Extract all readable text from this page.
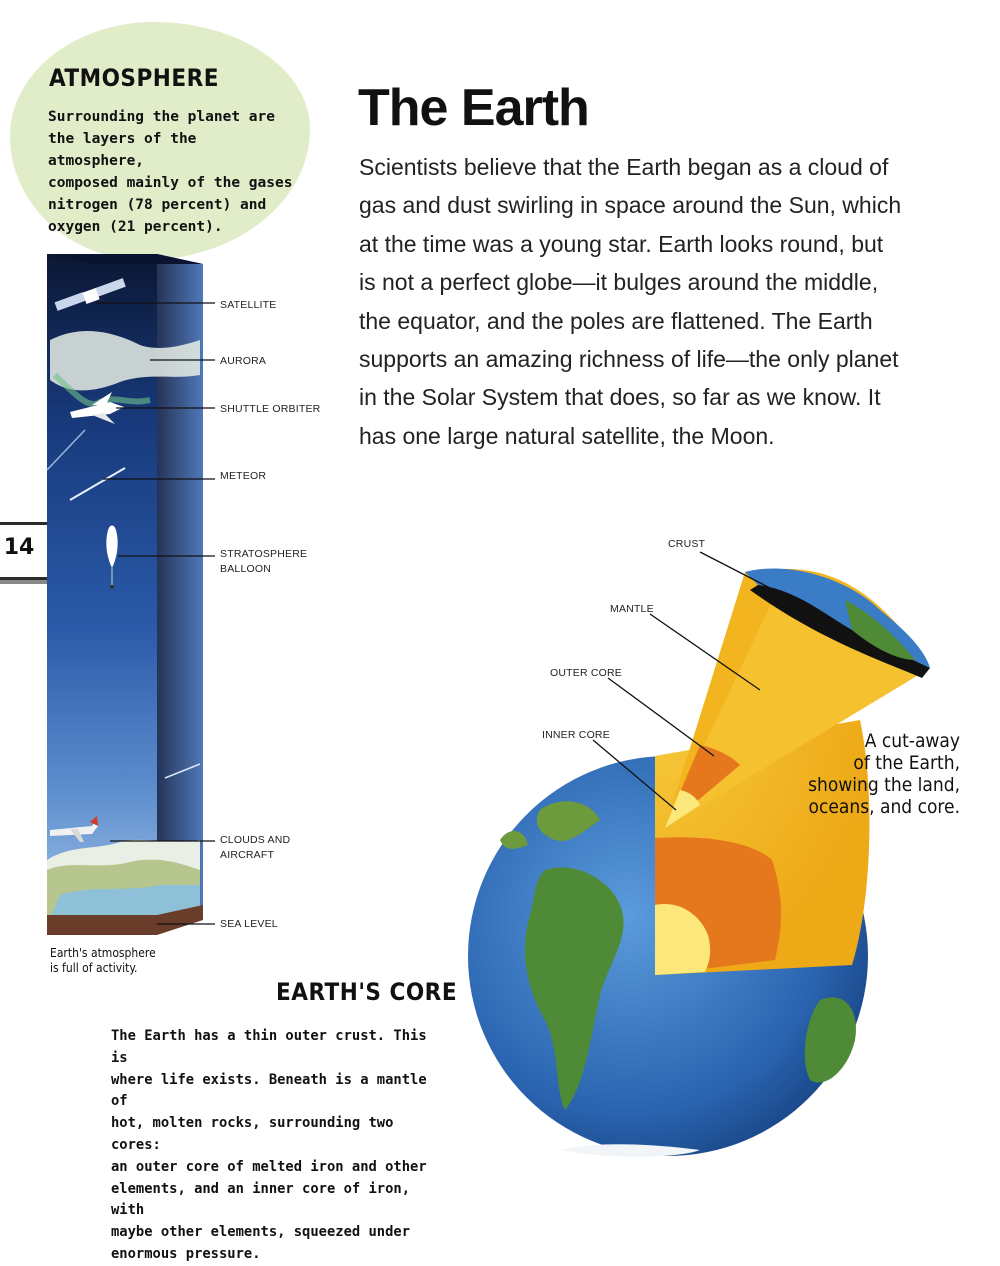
ATMOSPHERE
Surrounding the planet are
the layers of the atmosphere,
composed mainly of the gases
nitrogen (78 percent) and
oxygen (21 percent).
The Earth
Scientists believe that the Earth began as a cloud of
gas and dust swirling in space around the Sun, which
at the time was a young star. Earth looks round, but
is not a perfect globe—it bulges around the middle,
the equator, and the poles are flattened. The Earth
supports an amazing richness of life—the only planet
in the Solar System that does, so far as we know. It
has one large natural satellite, the Moon.
14
SATELLITE
AURORA
SHUTTLE ORBITER
METEOR
STRATOSPHERE
BALLOON
CLOUDS AND
AIRCRAFT
SEA LEVEL
Earth's atmosphere
is full of activity.
CRUST
MANTLE
OUTER CORE
INNER CORE	A cut-away
of the Earth,
showing the land,
oceans, and core.
EARTH'S CORE
The Earth has a thin outer crust. This is
where life exists. Beneath is a mantle of
hot, molten rocks, surrounding two cores:
an outer core of melted iron and other
elements, and an inner core of iron, with
maybe other elements, squeezed under
enormous pressure.
